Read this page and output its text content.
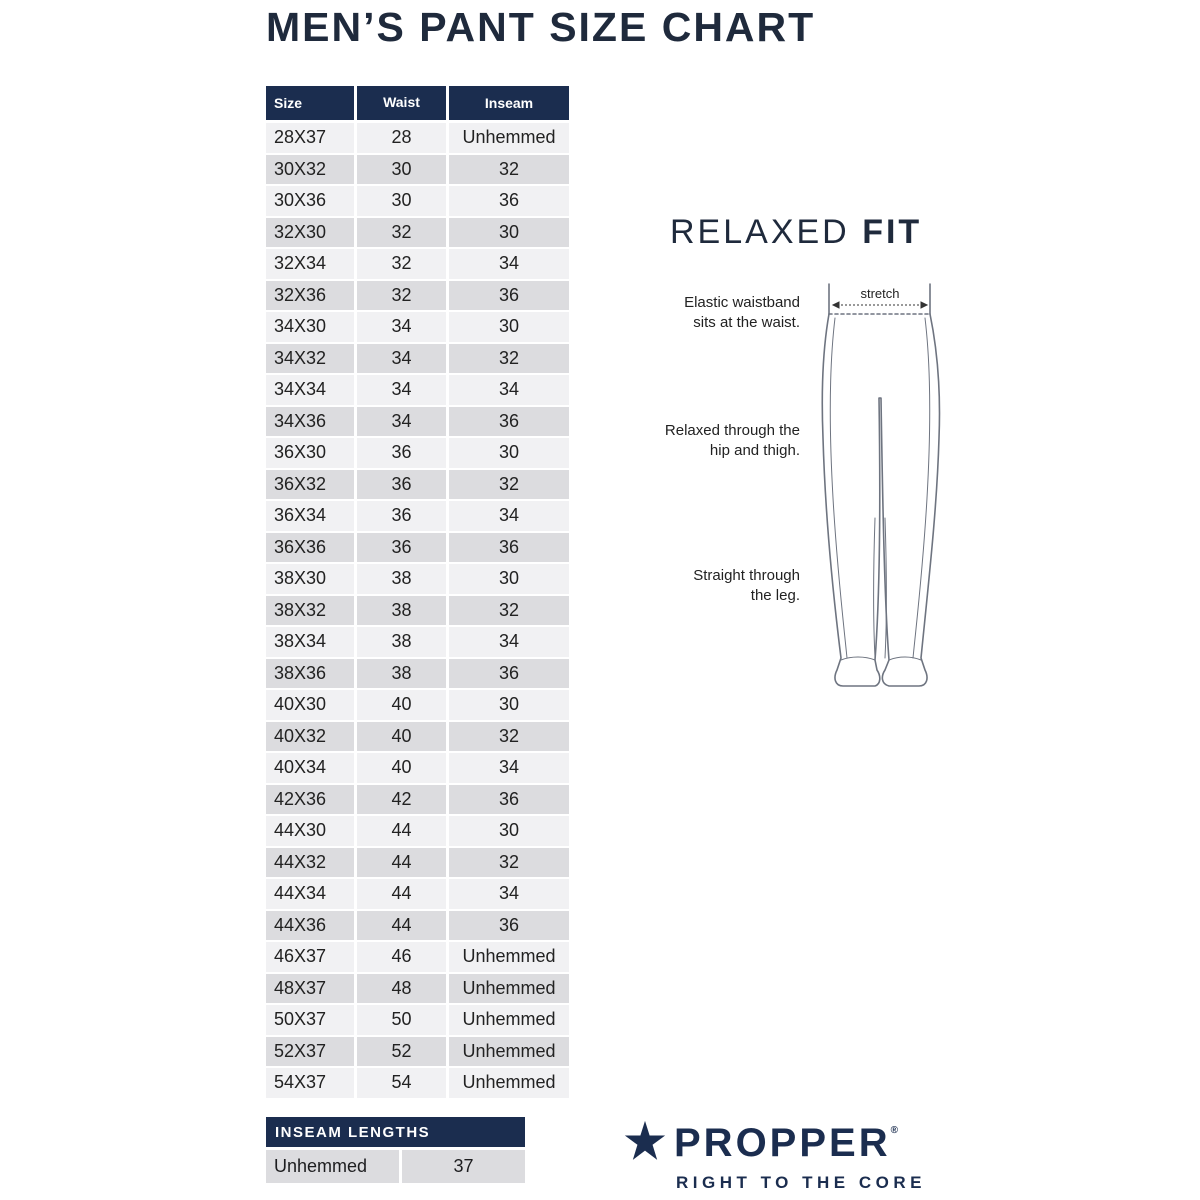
MEN’S PANT SIZE CHART
Size	Waist	Inseam
28X37	28	Unhemmed
30X32	30	32
30X36	30	36
32X30	32	30
32X34	32	34
32X36	32	36
34X30	34	30
34X32	34	32
34X34	34	34
34X36	34	36
36X30	36	30
36X32	36	32
36X34	36	34
36X36	36	36
38X30	38	30
38X32	38	32
38X34	38	34
38X36	38	36
40X30	40	30
40X32	40	32
40X34	40	34
42X36	42	36
44X30	44	30
44X32	44	32
44X34	44	34
44X36	44	36
46X37	46	Unhemmed
48X37	48	Unhemmed
50X37	50	Unhemmed
52X37	52	Unhemmed
54X37	54	Unhemmed
INSEAM LENGTHS
Unhemmed	37
RELAXED FIT
Elastic waistband
sits at the waist.
Relaxed through the
hip and thigh.
Straight through
the leg.
stretch
PROPPER®
RIGHT TO THE CORE
